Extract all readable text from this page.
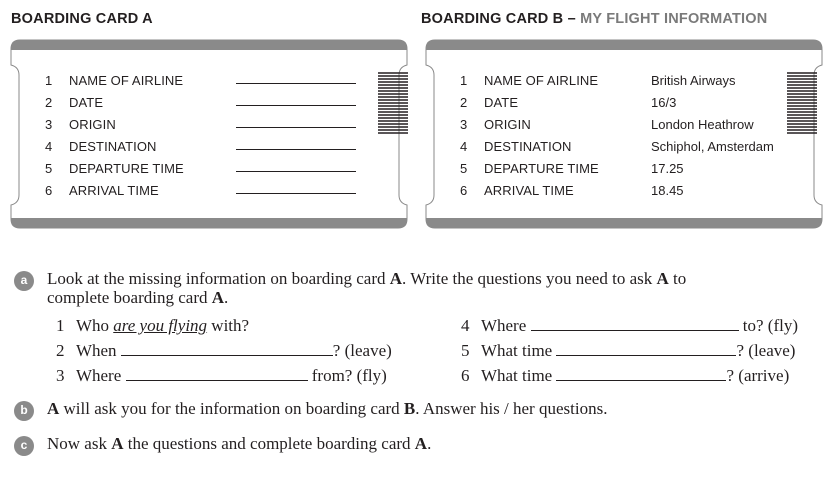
BOARDING CARD A	BOARDING CARD B – MY FLIGHT INFORMATION
1	NAME OF AIRLINE
2	DATE
3	ORIGIN
4	DESTINATION
5	DEPARTURE TIME
6	ARRIVAL TIME
1	NAME OF AIRLINE	British Airways
2	DATE	16/3
3	ORIGIN	London Heathrow
4	DESTINATION	Schiphol, Amsterdam
5	DEPARTURE TIME	17.25
6	ARRIVAL TIME	18.45
a	Look at the missing information on boarding card A. Write the questions you need to ask A to
complete boarding card A.
1 Who are you flying with?
2 When	? (leave)
3 Where	from? (fly)
4 Where	to? (fly)
5 What time	? (leave)
6 What time	? (arrive)
b	A will ask you for the information on boarding card B. Answer his / her questions.
c	Now ask A the questions and complete boarding card A.
